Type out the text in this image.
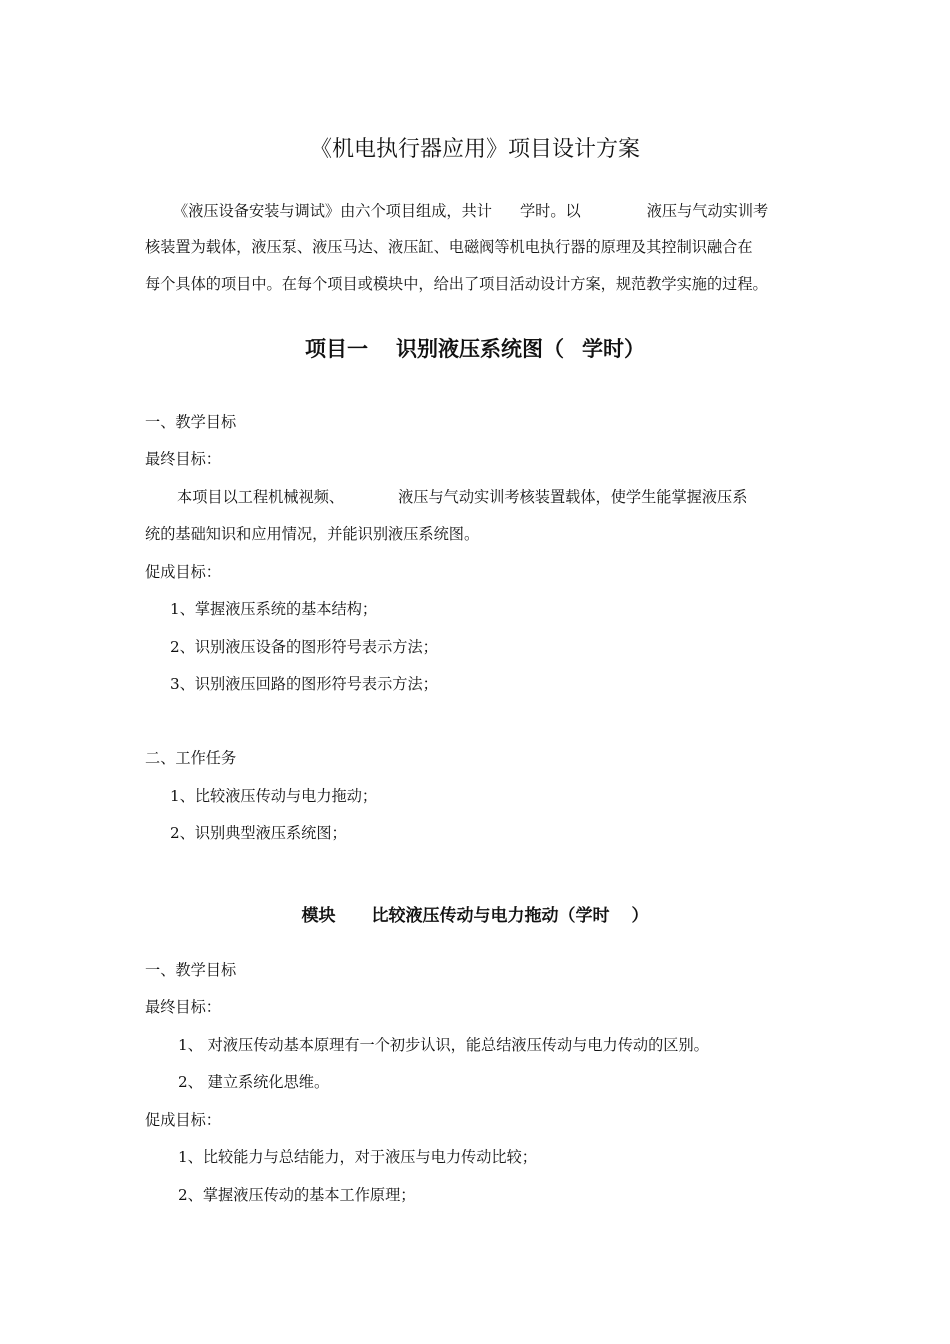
《机电执行器应用》项目设计方案
《液压设备安装与调试》由六个项目组成，共计 学时。以	液压与气动实训考
核装置为载体，液压泵、液压马达、液压缸、电磁阀等机电执行器的原理及其控制识融合在
每个具体的项目中。在每个项目或模块中，给出了项目活动设计方案，规范教学实施的过程。
项目一 识别液压系统图（ 学时）
一、教学目标
最终目标：
本项目以工程机械视频、	液压与气动实训考核装置载体，使学生能掌握液压系
统的基础知识和应用情况，并能识别液压系统图。
促成目标：
1、掌握液压系统的基本结构；
2、识别液压设备的图形符号表示方法；
3、识别液压回路的图形符号表示方法；
二、工作任务
1、比较液压传动与电力拖动；
2、识别典型液压系统图；
模块 比较液压传动与电力拖动（学时 ）
一、教学目标
最终目标：
1、 对液压传动基本原理有一个初步认识，能总结液压传动与电力传动的区别。
2、 建立系统化思维。
促成目标：
1、比较能力与总结能力，对于液压与电力传动比较；
2、掌握液压传动的基本工作原理；
